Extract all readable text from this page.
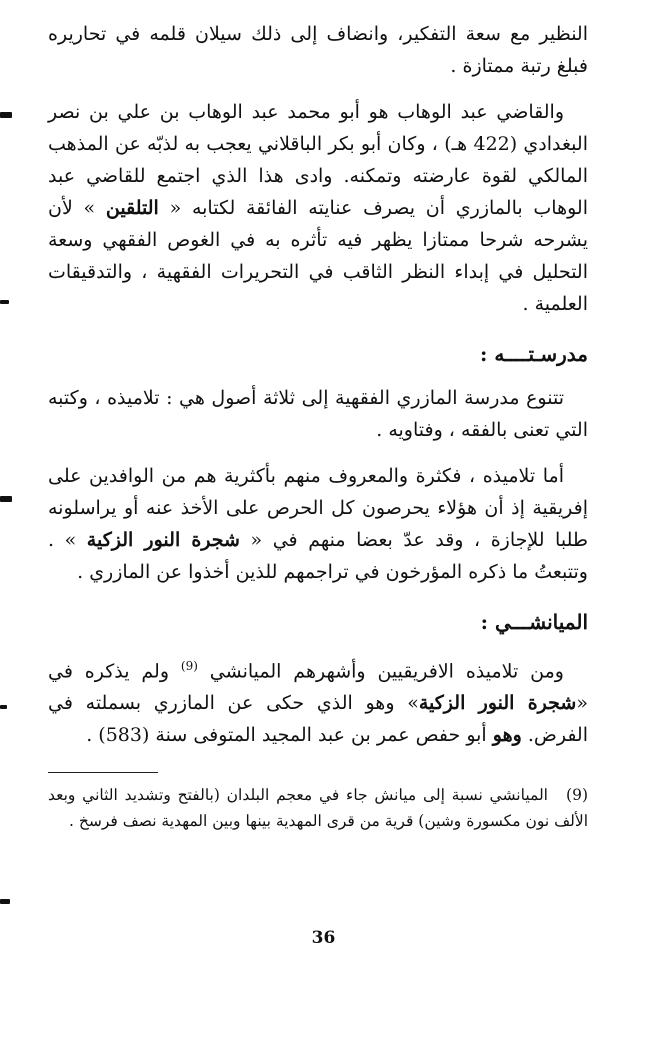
النظير مع سعة التفكير، وانضاف إلى ذلك سيلان قلمه في تحاريره فبلغ رتبة ممتازة .

والقاضي عبد الوهاب هو أبو محمد عبد الوهاب بن علي بن نصر البغدادي (422 هـ) ، وكان أبو بكر الباقلاني يعجب به لذبّه عن المذهب المالكي لقوة عارضته وتمكنه. وادى هذا الذي اجتمع للقاضي عبد الوهاب بالمازري أن يصرف عنايته الفائقة لكتابه « التلقين » لأن يشرحه شرحا ممتازا يظهر فيه تأثره به في الغوص الفقهي وسعة التحليل في إبداء النظر الثاقب في التحريرات الفقهية ، والتدقيقات العلمية .

مدرسـتــــه :

تتنوع مدرسة المازري الفقهية إلى ثلاثة أصول هي : تلاميذه ، وكتبه التي تعنى بالفقه ، وفتاويه .

أما تلاميذه ، فكثرة والمعروف منهم بأكثرية هم من الوافدين على إفريقية إذ أن هؤلاء يحرصون كل الحرص على الأخذ عنه أو يراسلونه طلبا للإجازة ، وقد عدّ بعضا منهم في « شجرة النور الزكية » . وتتبعتُ ما ذكره المؤرخون في تراجمهم للذين أخذوا عن المازري .

الميانشـــي :

ومن تلاميذه الافريقيين وأشهرهم الميانشي $^{(9)}$ ولم يذكره في «شجرة النور الزكية» وهو الذي حكى عن المازري بسملته في الفرض. وهو أبو حفص عمر بن عبد المجيد المتوفى سنة (583) .

(9)الميانشي نسبة إلى ميانش جاء في معجم البلدان (بالفتح وتشديد الثاني وبعد الألف نون مكسورة وشين) قرية من قرى المهدية بينها وبين المهدية نصف فرسخ .
36
